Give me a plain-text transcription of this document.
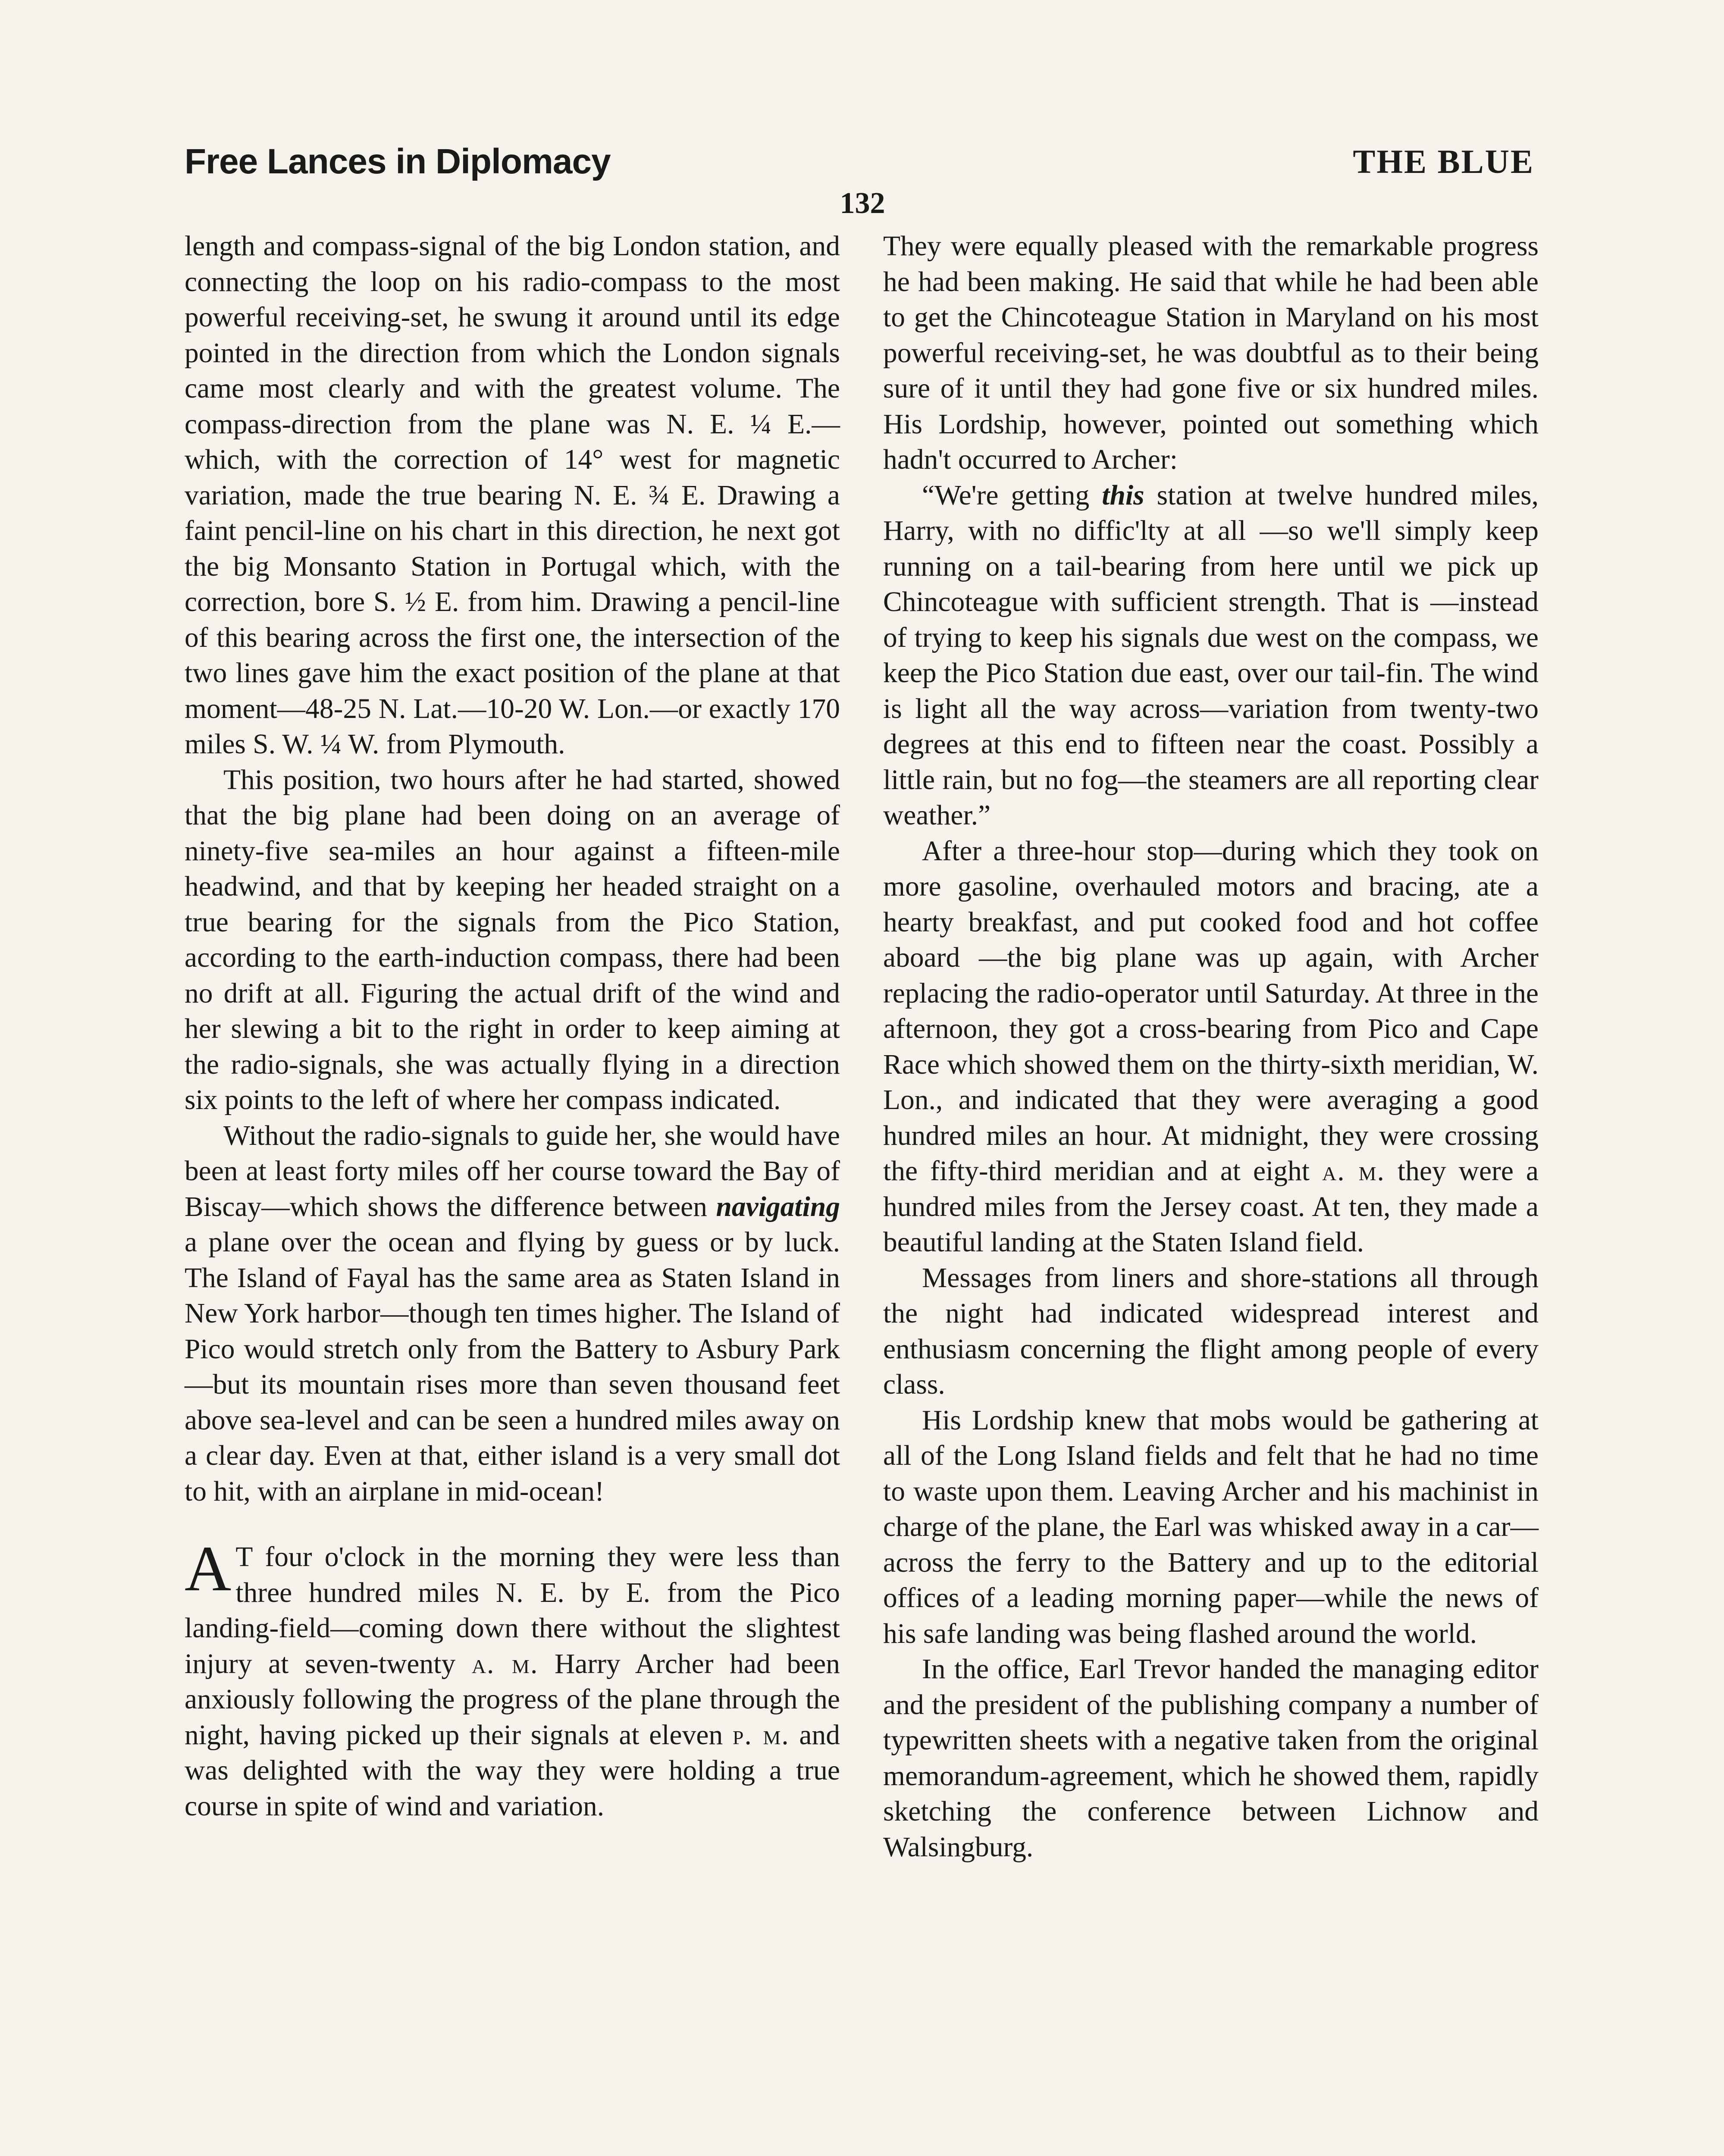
Free Lances in Diplomacy	THE BLUE
132

length and compass-signal of the big London station, and connecting the loop on his radio-compass to the most powerful receiving-set, he swung it around until its edge pointed in the direction from which the London signals came most clearly and with the greatest volume. The compass-direction from the plane was N. E. ¼ E.—which, with the correction of 14° west for magnetic variation, made the true bearing N. E. ¾ E. Drawing a faint pencil-line on his chart in this direction, he next got the big Monsanto Station in Portugal which, with the correction, bore S. ½ E. from him. Drawing a pencil-line of this bearing across the first one, the intersection of the two lines gave him the exact position of the plane at that moment—48-25 N. Lat.—10-20 W. Lon.—or exactly 170 miles S. W. ¼ W. from Plymouth.

This position, two hours after he had started, showed that the big plane had been doing on an average of ninety-five sea-miles an hour against a fifteen-mile headwind, and that by keeping her headed straight on a true bearing for the signals from the Pico Station, according to the earth-induction compass, there had been no drift at all. Figuring the actual drift of the wind and her slewing a bit to the right in order to keep aiming at the radio-signals, she was actually flying in a direction six points to the left of where her compass indicated.

Without the radio-signals to guide her, she would have been at least forty miles off her course toward the Bay of Biscay—which shows the difference between navigating a plane over the ocean and flying by guess or by luck. The Island of Fayal has the same area as Staten Island in New York harbor—though ten times higher. The Island of Pico would stretch only from the Battery to Asbury Park—but its mountain rises more than seven thousand feet above sea-level and can be seen a hundred miles away on a clear day. Even at that, either island is a very small dot to hit, with an airplane in mid-ocean!

A T four o'clock in the morning they were less than three hundred miles N. E. by E. from the Pico landing-field—coming down there without the slightest injury at seven-twenty a. m. Harry Archer had been anxiously following the progress of the plane through the night, having picked up their signals at eleven p. m. and was delighted with the way they were holding a true course in spite of wind and variation.

They were equally pleased with the remarkable progress he had been making. He said that while he had been able to get the Chincoteague Station in Maryland on his most powerful receiving-set, he was doubtful as to their being sure of it until they had gone five or six hundred miles. His Lordship, however, pointed out something which hadn't occurred to Archer:

“We're getting this station at twelve hundred miles, Harry, with no diffic'lty at all —so we'll simply keep running on a tail-bearing from here until we pick up Chincoteague with sufficient strength. That is —instead of trying to keep his signals due west on the compass, we keep the Pico Station due east, over our tail-fin. The wind is light all the way across—variation from twenty-two degrees at this end to fifteen near the coast. Possibly a little rain, but no fog—the steamers are all reporting clear weather.”

After a three-hour stop—during which they took on more gasoline, overhauled motors and bracing, ate a hearty breakfast, and put cooked food and hot coffee aboard —the big plane was up again, with Archer replacing the radio-operator until Saturday. At three in the afternoon, they got a cross-bearing from Pico and Cape Race which showed them on the thirty-sixth meridian, W. Lon., and indicated that they were averaging a good hundred miles an hour. At midnight, they were crossing the fifty-third meridian and at eight a. m. they were a hundred miles from the Jersey coast. At ten, they made a beautiful landing at the Staten Island field.

Messages from liners and shore-stations all through the night had indicated widespread interest and enthusiasm concerning the flight among people of every class.

His Lordship knew that mobs would be gathering at all of the Long Island fields and felt that he had no time to waste upon them. Leaving Archer and his machinist in charge of the plane, the Earl was whisked away in a car—across the ferry to the Battery and up to the editorial offices of a leading morning paper—while the news of his safe landing was being flashed around the world.

In the office, Earl Trevor handed the managing editor and the president of the publishing company a number of typewritten sheets with a negative taken from the original memorandum-agreement, which he showed them, rapidly sketching the conference between Lichnow and Walsingburg.
